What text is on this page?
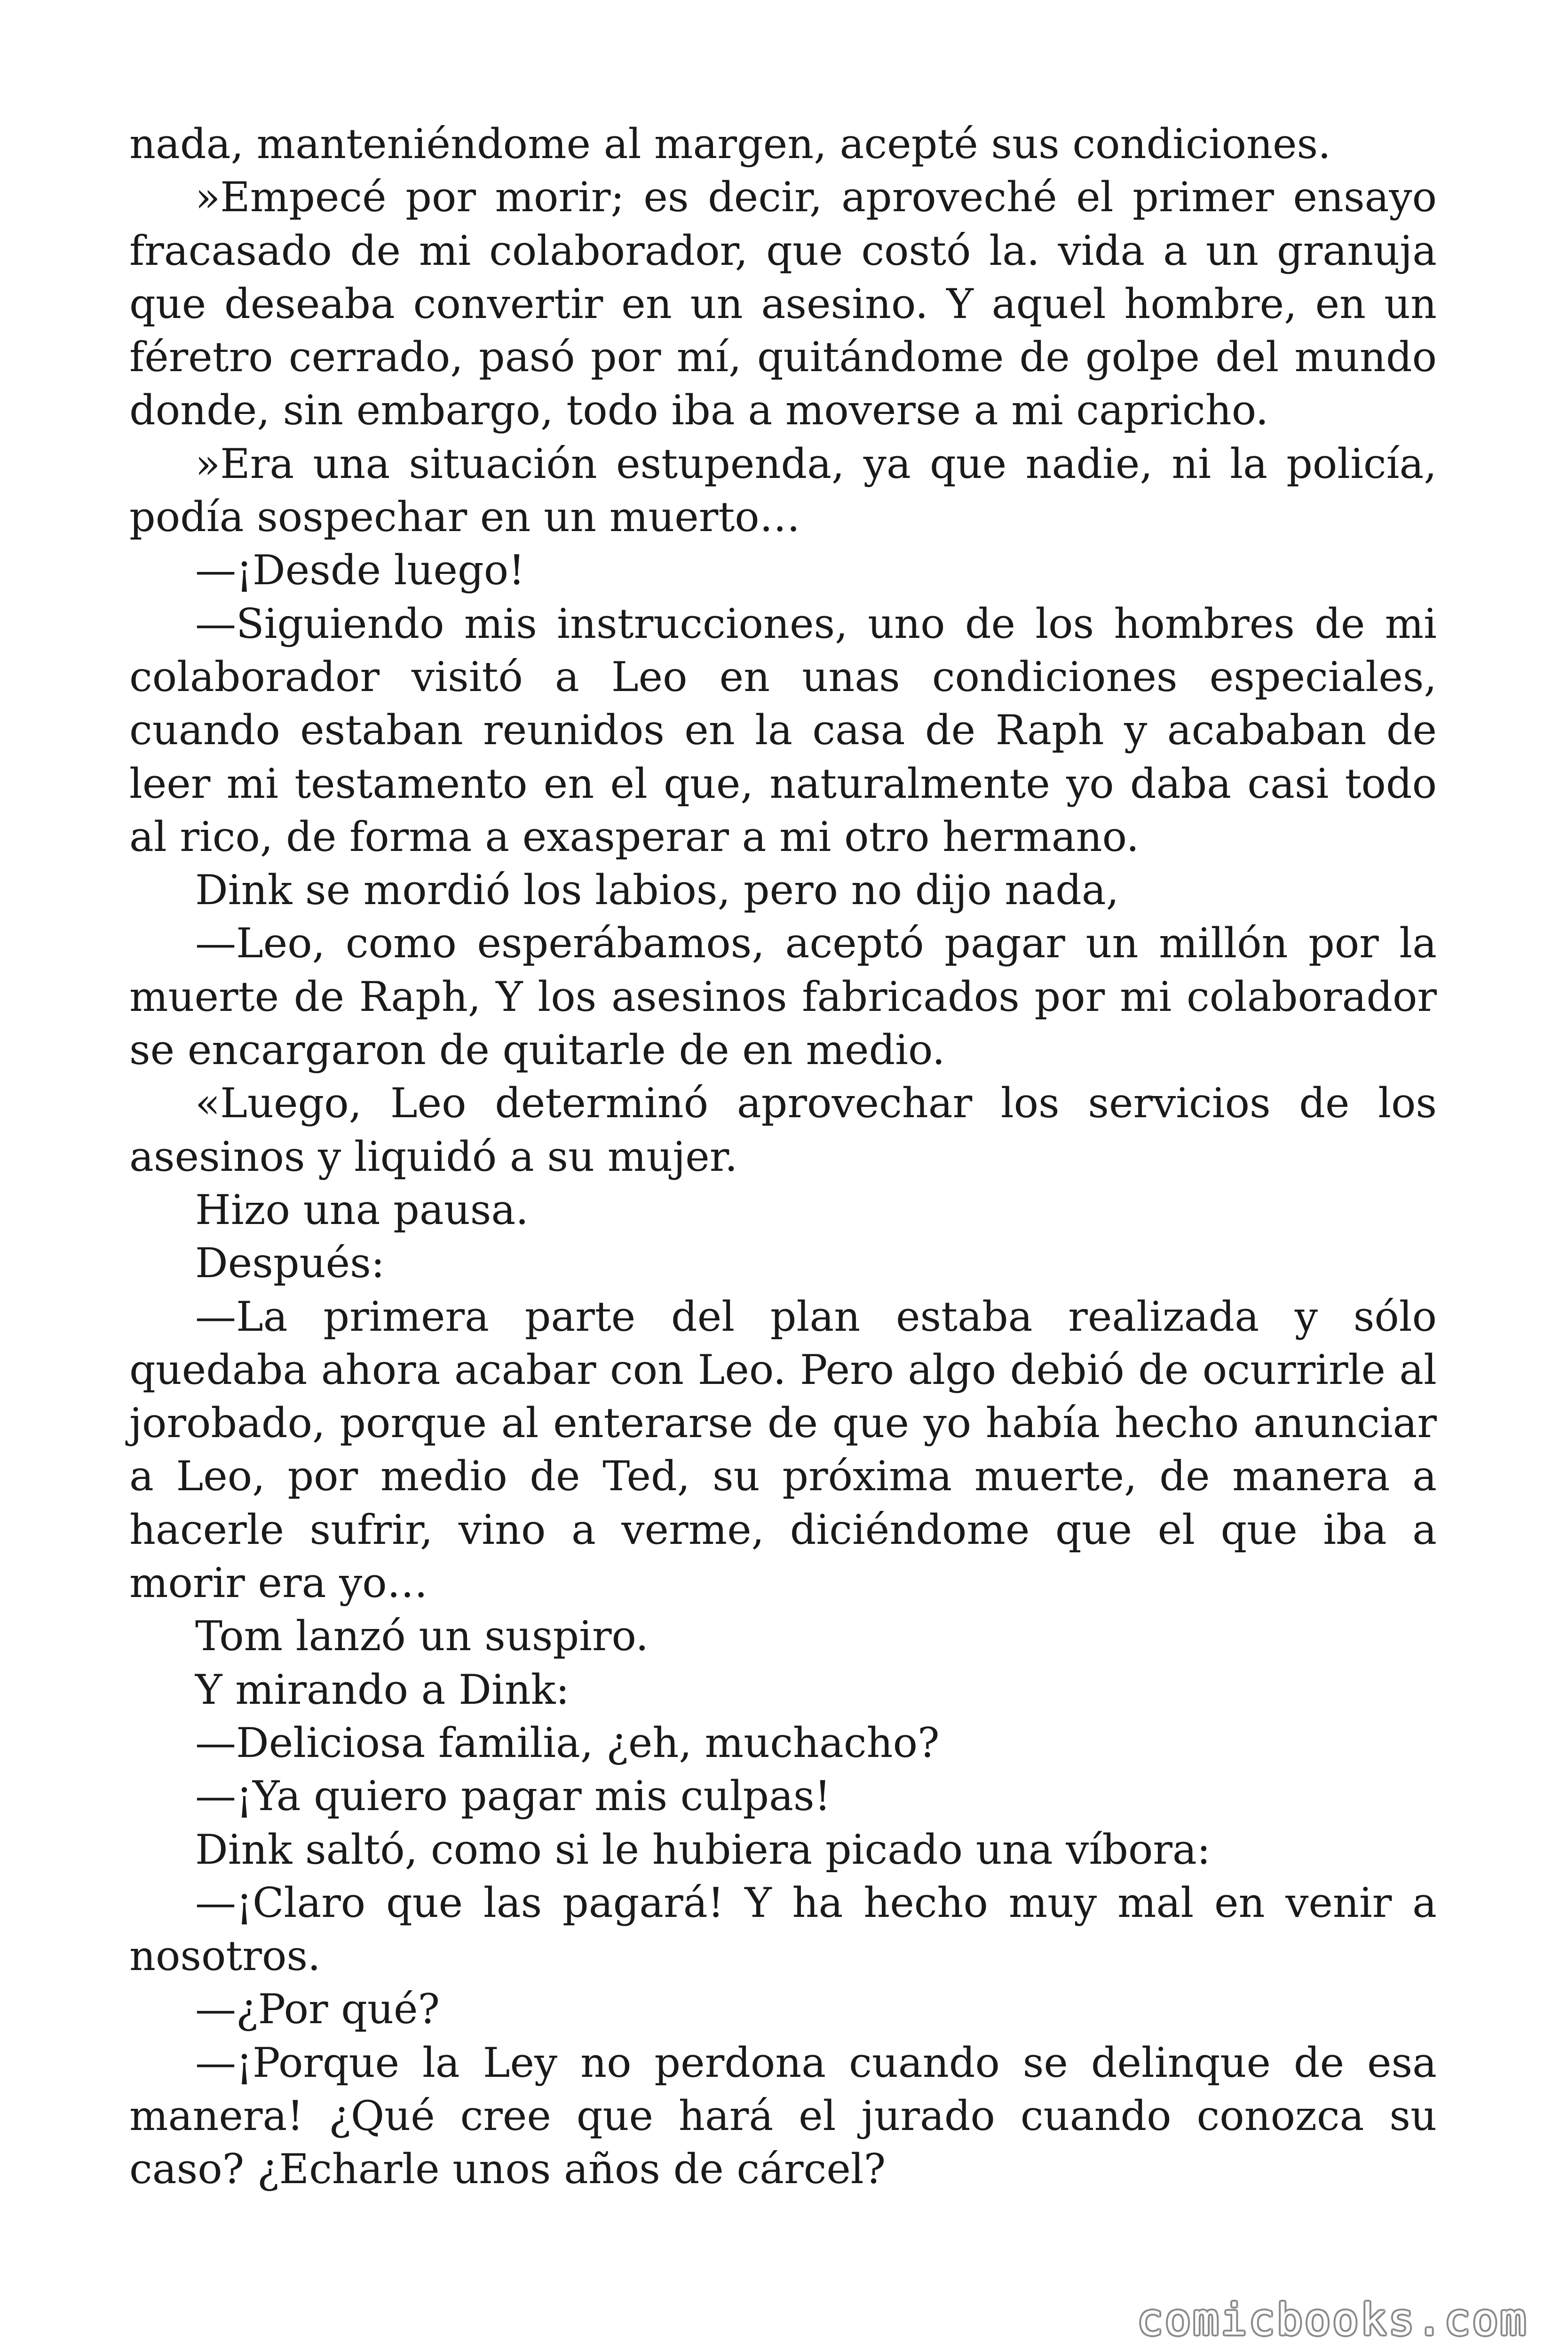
nada, manteniéndome al margen, acepté sus condiciones.

»Empecé por morir; es decir, aproveché el primer ensayo fracasado de mi colaborador, que costó la. vida a un granuja que deseaba convertir en un asesino. Y aquel hombre, en un féretro cerrado, pasó por mí, quitándome de golpe del mundo donde, sin embargo, todo iba a moverse a mi capricho.

»Era una situación estupenda, ya que nadie, ni la policía, podía sospechar en un muerto…

—¡Desde luego!

—Siguiendo mis instrucciones, uno de los hombres de mi colaborador visitó a Leo en unas condiciones especiales, cuando estaban reunidos en la casa de Raph y acababan de leer mi testamento en el que, naturalmente yo daba casi todo al rico, de forma a exasperar a mi otro hermano.

Dink se mordió los labios, pero no dijo nada,

—Leo, como esperábamos, aceptó pagar un millón por la muerte de Raph, Y los asesinos fabricados por mi colaborador se encargaron de quitarle de en medio.

«Luego, Leo determinó aprovechar los servicios de los asesinos y liquidó a su mujer.

Hizo una pausa.

Después:

—La primera parte del plan estaba realizada y sólo quedaba ahora acabar con Leo. Pero algo debió de ocurrirle al jorobado, porque al enterarse de que yo había hecho anunciar a Leo, por medio de Ted, su próxima muerte, de manera a hacerle sufrir, vino a verme, diciéndome que el que iba a morir era yo…

Tom lanzó un suspiro.

Y mirando a Dink:

—Deliciosa familia, ¿eh, muchacho?

—¡Ya quiero pagar mis culpas!

Dink saltó, como si le hubiera picado una víbora:

—¡Claro que las pagará! Y ha hecho muy mal en venir a nosotros.

—¿Por qué?

—¡Porque la Ley no perdona cuando se delinque de esa manera! ¿Qué cree que hará el jurado cuando conozca su caso? ¿Echarle unos años de cárcel?

comicbooks.com
